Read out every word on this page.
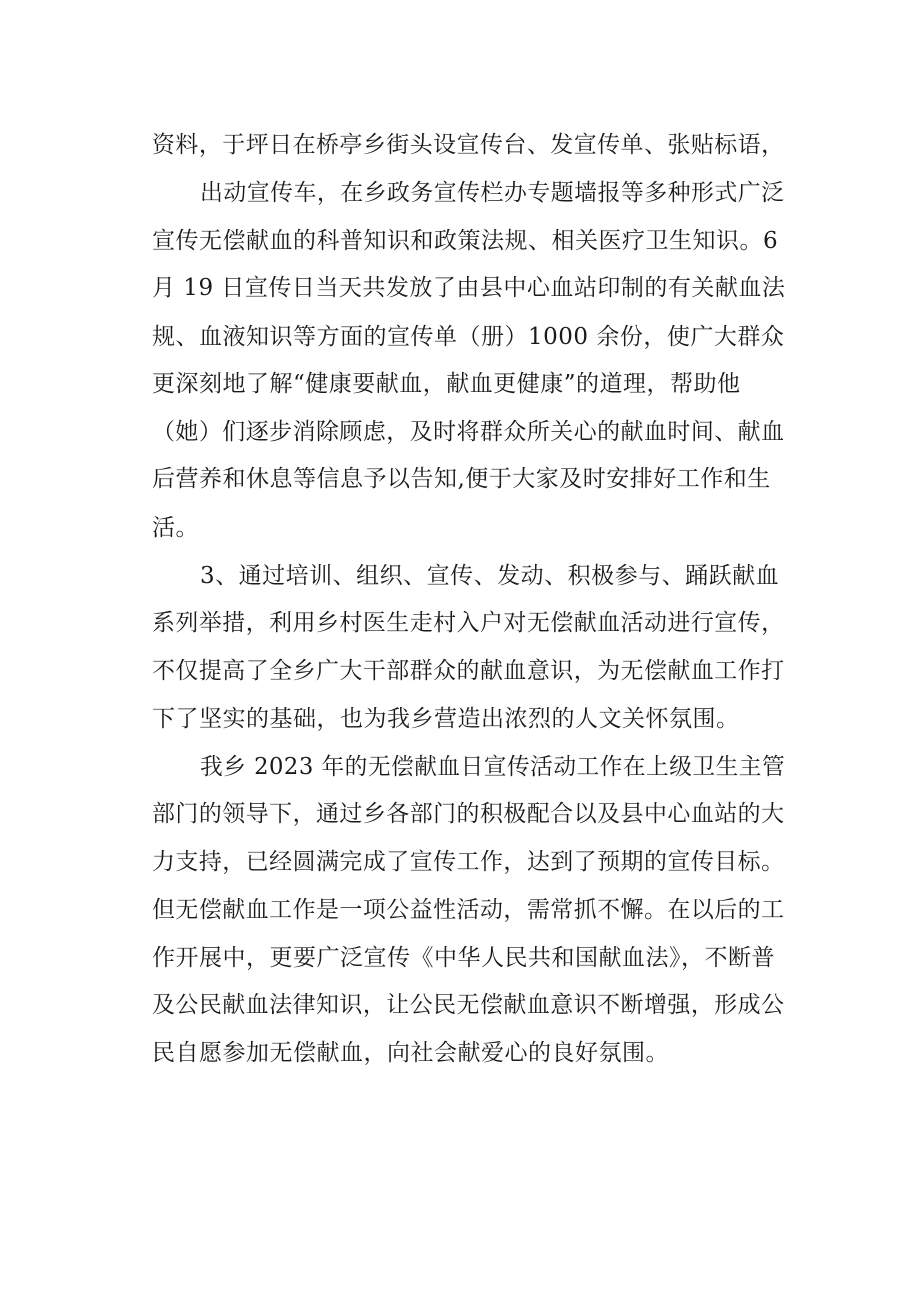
资料，于坪日在桥亭乡街头设宣传台、发宣传单、张贴标语，
出动宣传车，在乡政务宣传栏办专题墙报等多种形式广泛
宣传无偿献血的科普知识和政策法规、相关医疗卫生知识。6
月 19 日宣传日当天共发放了由县中心血站印制的有关献血法
规、血液知识等方面的宣传单（册）1000 余份，使广大群众
更深刻地了解“健康要献血，献血更健康”的道理，帮助他
（她）们逐步消除顾虑，及时将群众所关心的献血时间、献血
后营养和休息等信息予以告知,便于大家及时安排好工作和生
活。
3、通过培训、组织、宣传、发动、积极参与、踊跃献血
系列举措，利用乡村医生走村入户对无偿献血活动进行宣传，
不仅提高了全乡广大干部群众的献血意识，为无偿献血工作打
下了坚实的基础，也为我乡营造出浓烈的人文关怀氛围。
我乡 2023 年的无偿献血日宣传活动工作在上级卫生主管
部门的领导下，通过乡各部门的积极配合以及县中心血站的大
力支持，已经圆满完成了宣传工作，达到了预期的宣传目标。
但无偿献血工作是一项公益性活动，需常抓不懈。在以后的工
作开展中，更要广泛宣传《中华人民共和国献血法》，不断普
及公民献血法律知识，让公民无偿献血意识不断增强，形成公
民自愿参加无偿献血，向社会献爱心的良好氛围。
